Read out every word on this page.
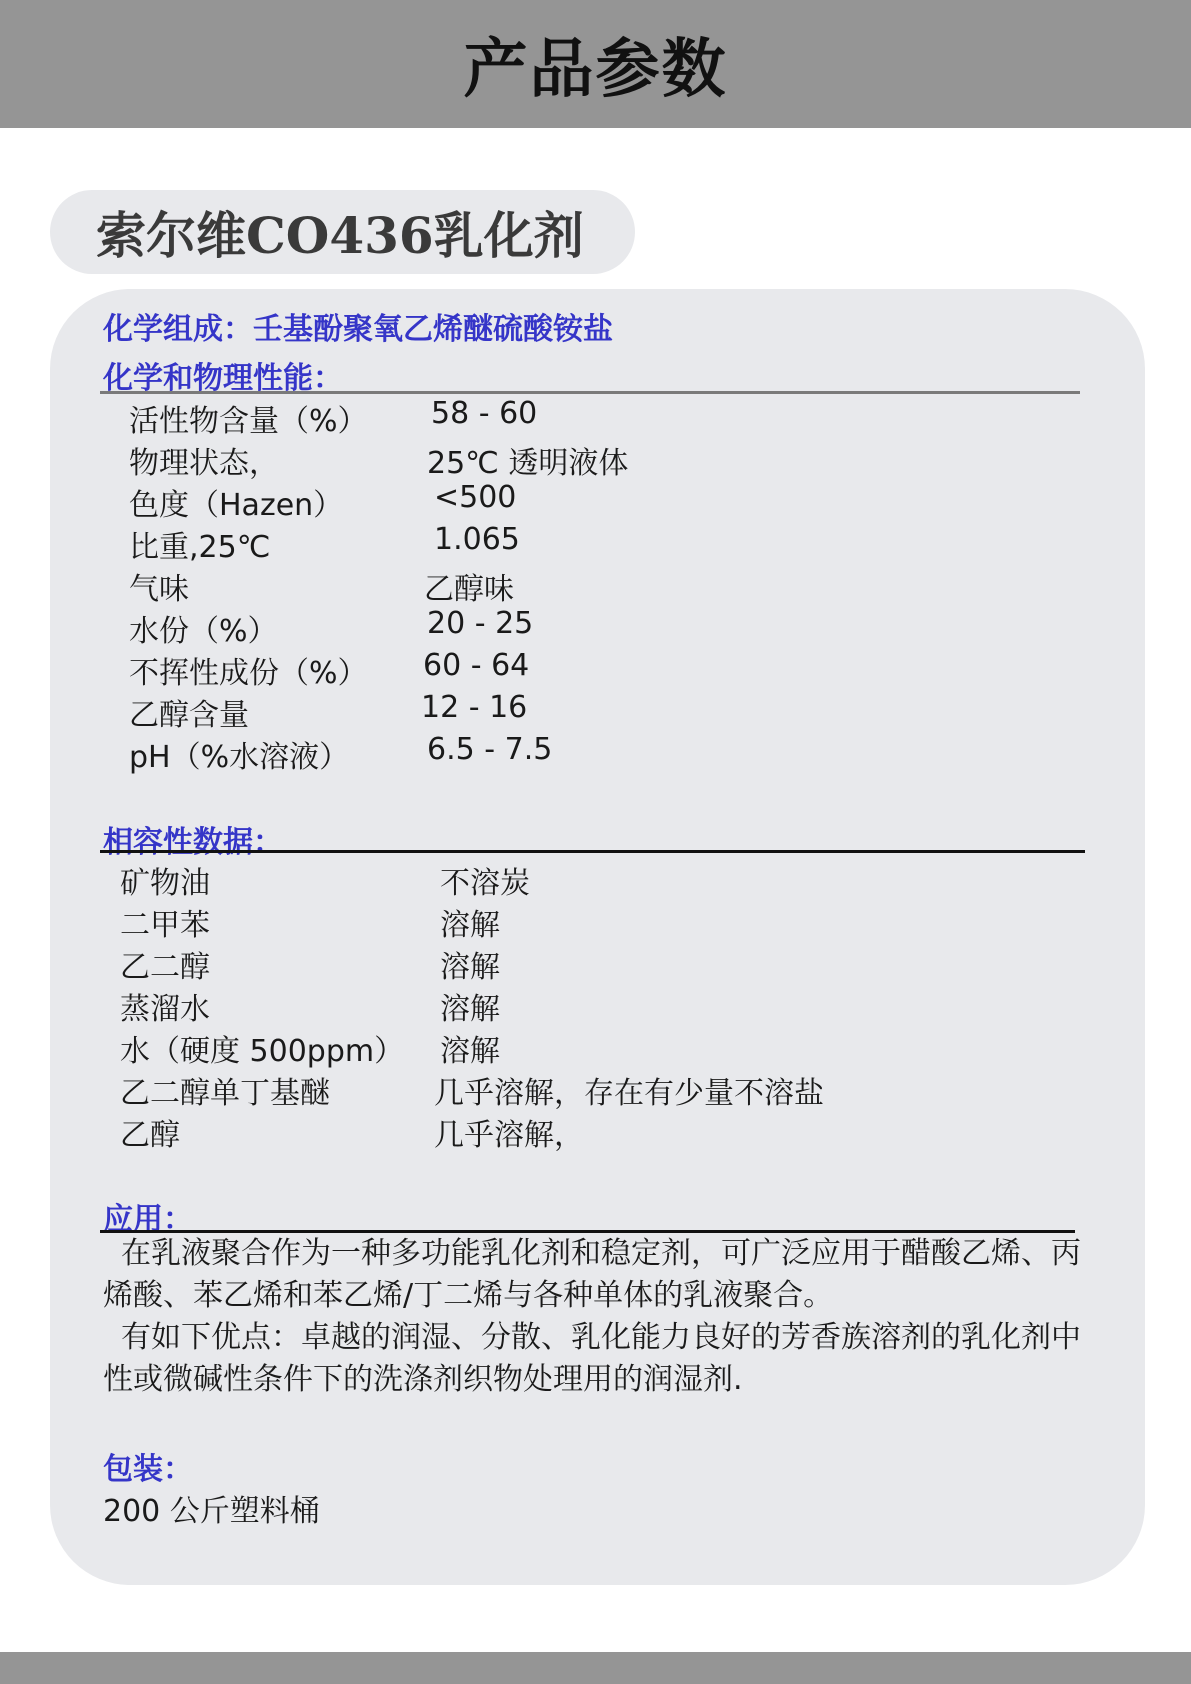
产品参数
索尔维CO436乳化剂
化学组成：壬基酚聚氧乙烯醚硫酸铵盐
化学和物理性能：
活性物含量（%） 58 - 60
物理状态，	25℃ 透明液体
色度（Hazen）	<500
比重,25℃	1.065
气味	乙醇味
水份（%）	20 - 25
不挥性成份（%） 60 - 64
乙醇含量	12 - 16
pH（%水溶液）	6.5 - 7.5
相容性数据：
矿物油	不溶炭
二甲苯	溶解
乙二醇	溶解
蒸溜水	溶解
水（硬度 500ppm） 溶解
乙二醇单丁基醚	几乎溶解，存在有少量不溶盐
乙醇	几乎溶解，
应用：

在乳液聚合作为一种多功能乳化剂和稳定剂，可广泛应用于醋酸乙烯、丙烯酸、苯乙烯和苯乙烯/丁二烯与各种单体的乳液聚合。

有如下优点：卓越的润湿、分散、乳化能力良好的芳香族溶剂的乳化剂中性或微碱性条件下的洗涤剂织物处理用的润湿剂.

包装：
200 公斤塑料桶
